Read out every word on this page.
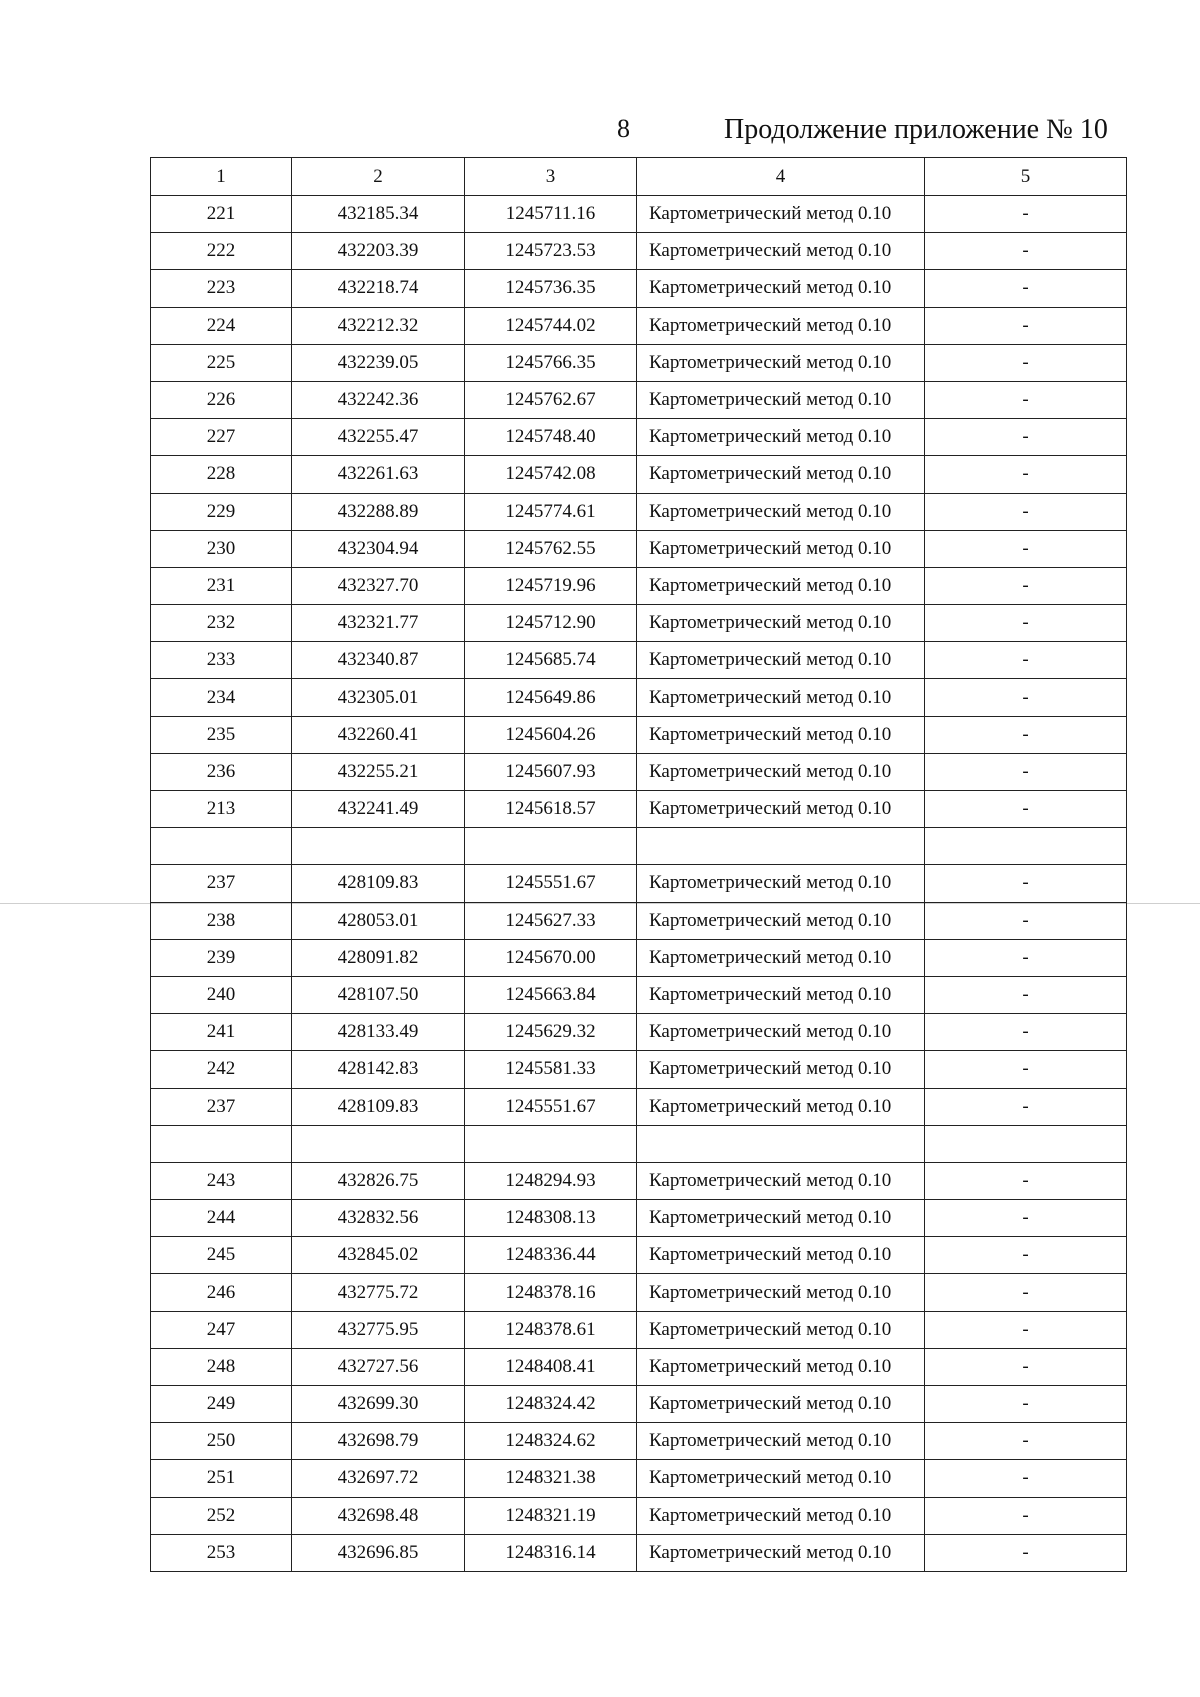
8	Продолжение приложение № 10
1	2	3	4	5
221	432185.34	1245711.16	Картометрический метод 0.10	-
222	432203.39	1245723.53	Картометрический метод 0.10	-
223	432218.74	1245736.35	Картометрический метод 0.10	-
224	432212.32	1245744.02	Картометрический метод 0.10	-
225	432239.05	1245766.35	Картометрический метод 0.10	-
226	432242.36	1245762.67	Картометрический метод 0.10	-
227	432255.47	1245748.40	Картометрический метод 0.10	-
228	432261.63	1245742.08	Картометрический метод 0.10	-
229	432288.89	1245774.61	Картометрический метод 0.10	-
230	432304.94	1245762.55	Картометрический метод 0.10	-
231	432327.70	1245719.96	Картометрический метод 0.10	-
232	432321.77	1245712.90	Картометрический метод 0.10	-
233	432340.87	1245685.74	Картометрический метод 0.10	-
234	432305.01	1245649.86	Картометрический метод 0.10	-
235	432260.41	1245604.26	Картометрический метод 0.10	-
236	432255.21	1245607.93	Картометрический метод 0.10	-
213	432241.49	1245618.57	Картометрический метод 0.10	-

237	428109.83	1245551.67	Картометрический метод 0.10	-
238	428053.01	1245627.33	Картометрический метод 0.10	-
239	428091.82	1245670.00	Картометрический метод 0.10	-
240	428107.50	1245663.84	Картометрический метод 0.10	-
241	428133.49	1245629.32	Картометрический метод 0.10	-
242	428142.83	1245581.33	Картометрический метод 0.10	-
237	428109.83	1245551.67	Картометрический метод 0.10	-

243	432826.75	1248294.93	Картометрический метод 0.10	-
244	432832.56	1248308.13	Картометрический метод 0.10	-
245	432845.02	1248336.44	Картометрический метод 0.10	-
246	432775.72	1248378.16	Картометрический метод 0.10	-
247	432775.95	1248378.61	Картометрический метод 0.10	-
248	432727.56	1248408.41	Картометрический метод 0.10	-
249	432699.30	1248324.42	Картометрический метод 0.10	-
250	432698.79	1248324.62	Картометрический метод 0.10	-
251	432697.72	1248321.38	Картометрический метод 0.10	-
252	432698.48	1248321.19	Картометрический метод 0.10	-
253	432696.85	1248316.14	Картометрический метод 0.10	-
